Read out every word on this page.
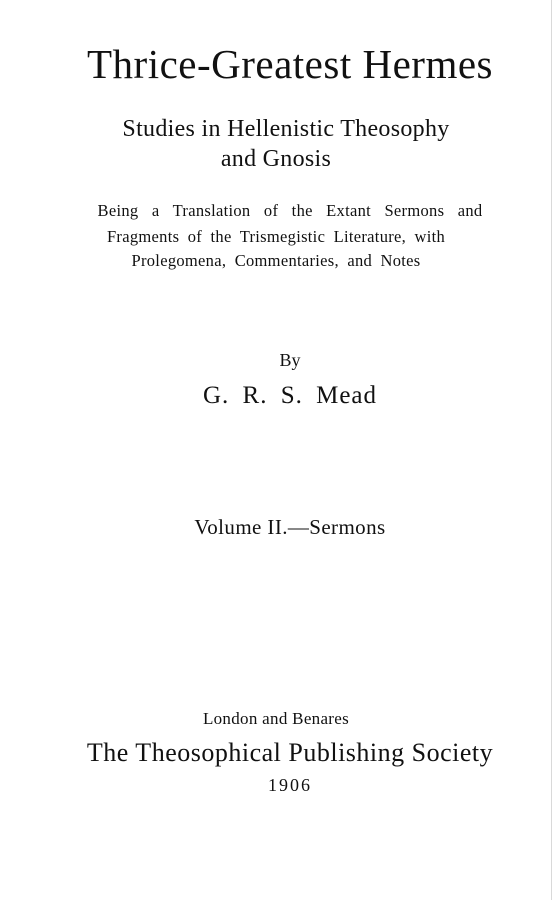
Thrice-Greatest Hermes
Studies in Hellenistic Theosophy
and Gnosis
Being a Translation of the Extant Sermons and
Fragments of the Trismegistic Literature, with
Prolegomena, Commentaries, and Notes
By
G. R. S. Mead
Volume II.—Sermons
London and Benares
The Theosophical Publishing Society
1906
